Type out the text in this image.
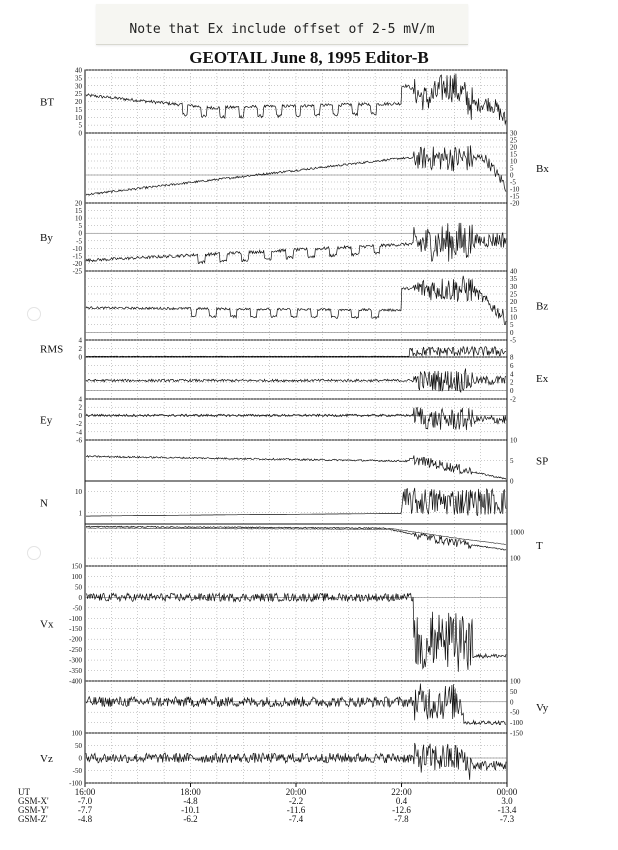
Note that Ex include offset of 2-5 mV/m
GEOTAIL June 8, 1995 Editor-B
40
35
30
25
20
15
10
5
0
BT
30
25
20
15
10
5
0
-5
-10
-15
-20
Bx
20
15
10
5
0
-5
-10
-15
-20
-25
By
40
35
30
25
20
15
10
5
0
-5
Bz
4
2
0
RMS
8
6
4
2
0
-2
Ex
4
2
0
-2
-4
-6
Ey
10
5
0
SP
10
1
N
1000
100
T
150
100
50
0
-50
-100
-150
-200
-250
-300
-350
-400
Vx
100
50
0
-50
-100
-150
Vy
100
50
0
-50
-100
Vz
UT	16:00	18:00	20:00	22:00	00:00
GSM-X'	-7.0	-4.8	-2.2	0.4	3.0
GSM-Y'	-7.7	-10.1	-11.6	-12.6	-13.4
GSM-Z'	-4.8	-6.2	-7.4	-7.8	-7.3
